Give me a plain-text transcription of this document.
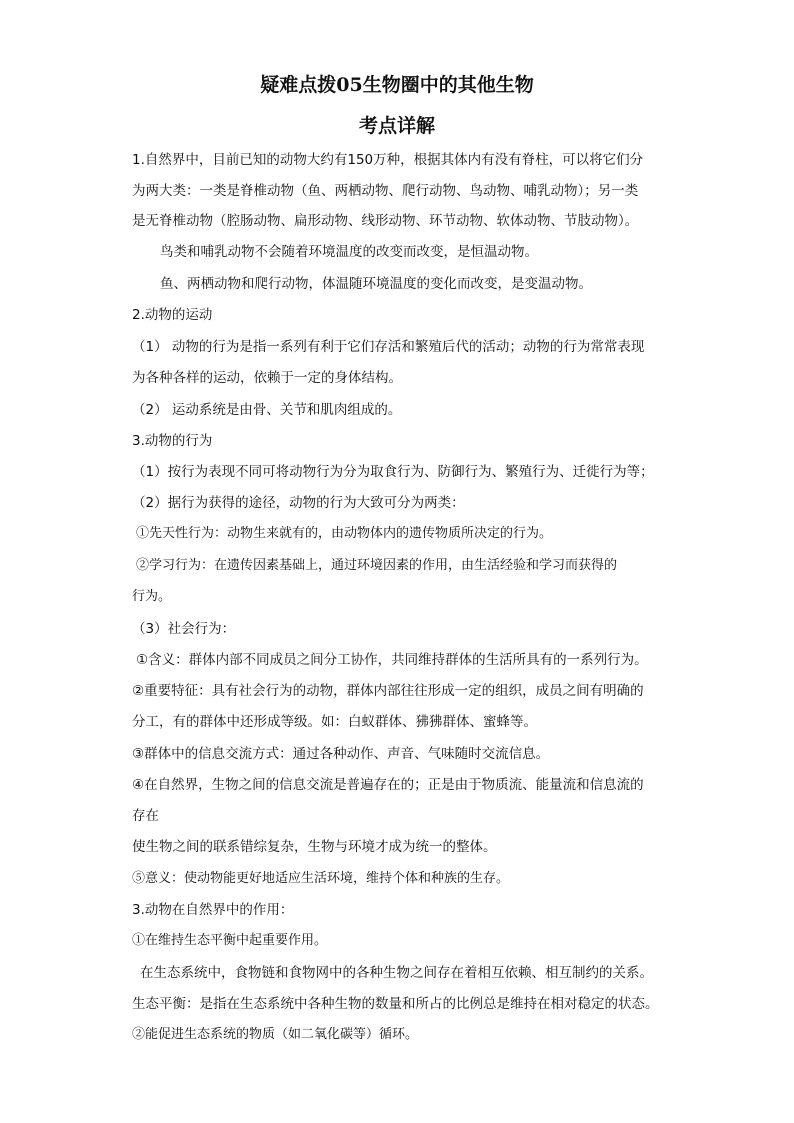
疑难点拨05生物圈中的其他生物
考点详解
1.自然界中，目前已知的动物大约有150万种，根据其体内有没有脊柱，可以将它们分
为两大类：一类是脊椎动物（鱼、两栖动物、爬行动物、鸟动物、哺乳动物）；另一类
是无脊椎动物（腔肠动物、扁形动物、线形动物、环节动物、软体动物、节肢动物）。
鸟类和哺乳动物不会随着环境温度的改变而改变，是恒温动物。
鱼、两栖动物和爬行动物，体温随环境温度的变化而改变，是变温动物。
2.动物的运动
（1） 动物的行为是指一系列有利于它们存活和繁殖后代的活动；动物的行为常常表现
为各种各样的运动，依赖于一定的身体结构。
（2） 运动系统是由骨、关节和肌肉组成的。
3.动物的行为
（1）按行为表现不同可将动物行为分为取食行为、防御行为、繁殖行为、迁徙行为等；
（2）据行为获得的途径，动物的行为大致可分为两类：
①先天性行为：动物生来就有的，由动物体内的遗传物质所决定的行为。
②学习行为：在遗传因素基础上，通过环境因素的作用，由生活经验和学习而获得的
行为。
（3）社会行为：
①含义：群体内部不同成员之间分工协作，共同维持群体的生活所具有的一系列行为。
②重要特征：具有社会行为的动物，群体内部往往形成一定的组织，成员之间有明确的
分工，有的群体中还形成等级。如：白蚁群体、狒狒群体、蜜蜂等。
③群体中的信息交流方式：通过各种动作、声音、气味随时交流信息。
④在自然界，生物之间的信息交流是普遍存在的；正是由于物质流、能量流和信息流的
存在
使生物之间的联系错综复杂，生物与环境才成为统一的整体。
⑤意义：使动物能更好地适应生活环境，维持个体和种族的生存。
3.动物在自然界中的作用：
①在维持生态平衡中起重要作用。
在生态系统中，食物链和食物网中的各种生物之间存在着相互依赖、相互制约的关系。
生态平衡：是指在生态系统中各种生物的数量和所占的比例总是维持在相对稳定的状态。
②能促进生态系统的物质（如二氧化碳等）循环。
